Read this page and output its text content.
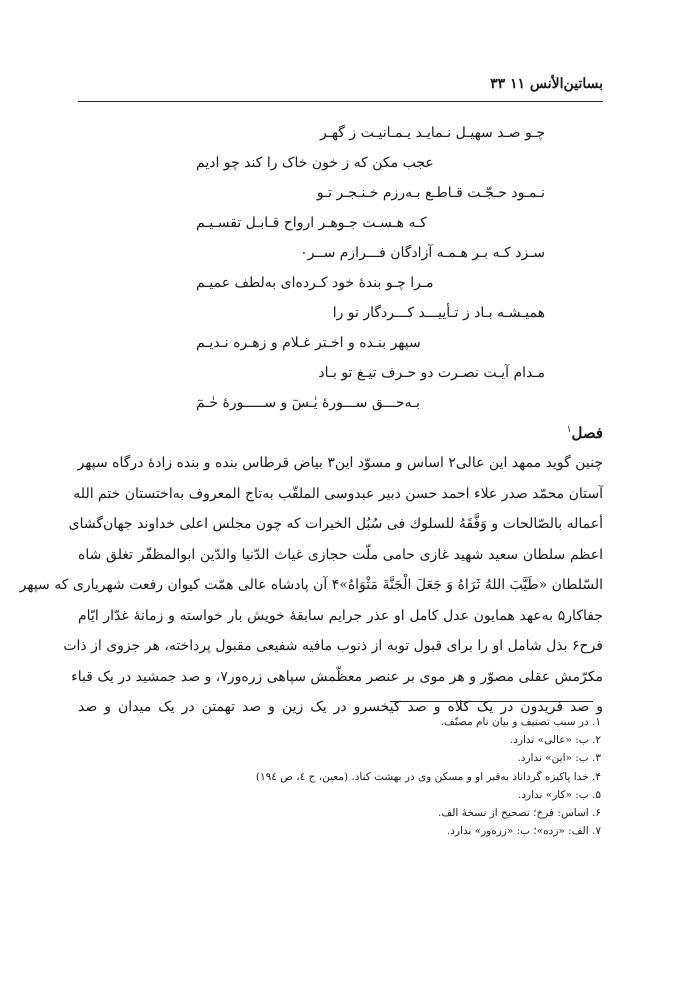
بساتین‌الأنس ۱۱ ۳۳
چـو صـد سهیـل نـمایـد یـمـانیـت ز گهـر
عجب مکن که ز خون خاک را کند چو ادیم
نـمـود حـجّـت قـاطـع بـه‌رزم خـنـجـر تـو
کـه هـسـت جـوهـر ارواح قـابـل تقسـیـم
سـزد کـه بـر هـمـه آزادگان فـــرازم ســر۰
مـرا چـو بندهٔ خود کـرده‌ای به‌لطف عمیـم
همیـشـه بـاد ز تـأییـــد کـــردگار تو را
سپهر بنـده و اخـتر غـلام و زهـره نـدیـم
مـدام آیـت نصـرت دو حـرف تیـغ تو بـاد
بـه‌حـــق ســـورهٔ یٰـسٓ و ســـــورهٔ حٰـمٓ
فصل$^۱$
چنین گوید ممهد این عالی۲ اساس و مسوّد این۳ بیاض قرطاس بنده و بنده زادهٔ درگاه سپهر
آستان محمّد صدر علاء احمد حسن دبیر عبدوسی الملقّب به‌تاج المعروف به‌اختستان ختم الله
أعماله بالصّالحات و وَفَّقَهُ للسلوك فى سُبُل الخيرات که چون مجلس اعلی خداوند جهان‌گشای
اعظم سلطان سعید شهید غازی حامی ملّت حجازی غیاث الدّنیا والدّین ابوالمظفّر تغلق شاه
السّلطان «طَیَّبَ اللهُ ثَرَاهُ وَ جَعَلَ الْجَنَّةَ مَثْوَاهُ»۴ آن پادشاه عالی همّت کیوان رفعت شهریاری که سپهر
جفاکار۵ به‌عهد همایون عدل کامل او عذر جرایم سابقهٔ خویش بار خواسته و زمانهٔ غدّار ایّام
فرح۶ بذل شامل او را برای قبول توبه از ذنوب مافیه شفیعی مقبول پرداخته، هر جزوی از ذات
مکرّمش عقلی مصوّر و هر موی بر عنصر معظّمش سپاهی زره‌ور۷، و صد جمشید در یک قباء
و صد فریدون در یک کلاه و صد کیخسرو در یک زین و صد تهمتن در یک میدان و صد
۱. در سبب تصنیف و بیان نام مصنّف.
۲. ب: «عالی» ندارد.
۳. ب: «این» ندارد.
۴. خدا پاکیزه گرداناد به‌قبر او و مسکن وی در بهشت کناد. (معین، ج ٤، ص ١٩٤)
۵. ب: «کار» ندارد.
۶. اساس: فرخ؛ تصحیح از نسخهٔ الف.
۷. الف: «زده»؛ ب: «زره‌ور» ندارد.
